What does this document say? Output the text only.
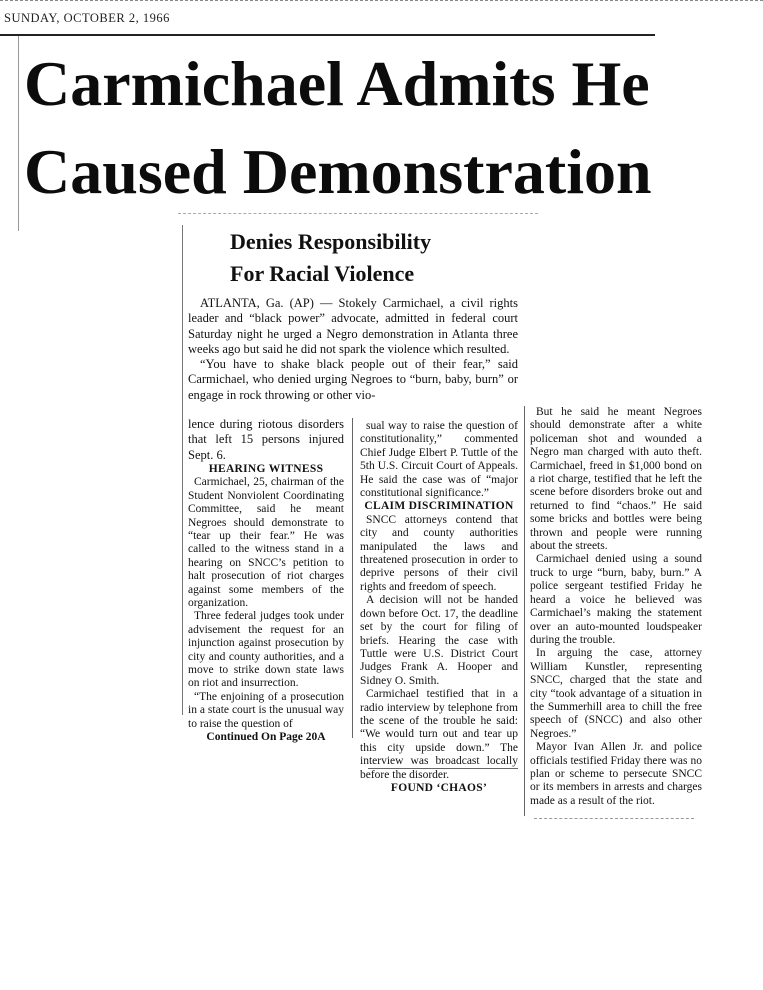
SUNDAY, OCTOBER 2, 1966
Carmichael Admits He
Caused Demonstration
Denies Responsibility
For Racial Violence

ATLANTA, Ga. (AP) — Stokely Carmichael, a civil rights leader and “black power” advocate, admitted in federal court Saturday night he urged a Negro demonstration in Atlanta three weeks ago but said he did not spark the violence which resulted.

“You have to shake black people out of their fear,” said Carmichael, who denied urging Negroes to “burn, baby, burn” or engage in rock throwing or other vio-

lence during riotous disorders that left 15 persons injured Sept. 6.

HEARING WITNESS

Carmichael, 25, chairman of the Student Nonviolent Coordinating Committee, said he meant Negroes should demonstrate to “tear up their fear.” He was called to the witness stand in a hearing on SNCC’s petition to halt prosecution of riot charges against some members of the organization.

Three federal judges took under advisement the request for an injunction against prosecution by city and county authorities, and a move to strike down state laws on riot and insurrection.

“The enjoining of a prosecution in a state court is the unusual way to raise the question of

Continued On Page 20A

sual way to raise the question of constitutionality,” commented Chief Judge Elbert P. Tuttle of the 5th U.S. Circuit Court of Appeals. He said the case was of “major constitutional significance.”

CLAIM DISCRIMINATION

SNCC attorneys contend that city and county authorities manipulated the laws and threatened prosecution in order to deprive persons of their civil rights and freedom of speech.

A decision will not be handed down before Oct. 17, the deadline set by the court for filing of briefs. Hearing the case with Tuttle were U.S. District Court Judges Frank A. Hooper and Sidney O. Smith.

Carmichael testified that in a radio interview by telephone from the scene of the trouble he said: “We would turn out and tear up this city upside down.” The interview was broadcast locally before the disorder.

FOUND ‘CHAOS’

But he said he meant Negroes should demonstrate after a white policeman shot and wounded a Negro man charged with auto theft. Carmichael, freed in $1,000 bond on a riot charge, testified that he left the scene before disorders broke out and returned to find “chaos.” He said some bricks and bottles were being thrown and people were running about the streets.

Carmichael denied using a sound truck to urge “burn, baby, burn.” A police sergeant testified Friday he heard a voice he believed was Carmichael’s making the statement over an auto-mounted loudspeaker during the trouble.

In arguing the case, attorney William Kunstler, representing SNCC, charged that the state and city “took advantage of a situation in the Summerhill area to chill the free speech of (SNCC) and also other Negroes.”

Mayor Ivan Allen Jr. and police officials testified Friday there was no plan or scheme to persecute SNCC or its members in arrests and charges made as a result of the riot.
